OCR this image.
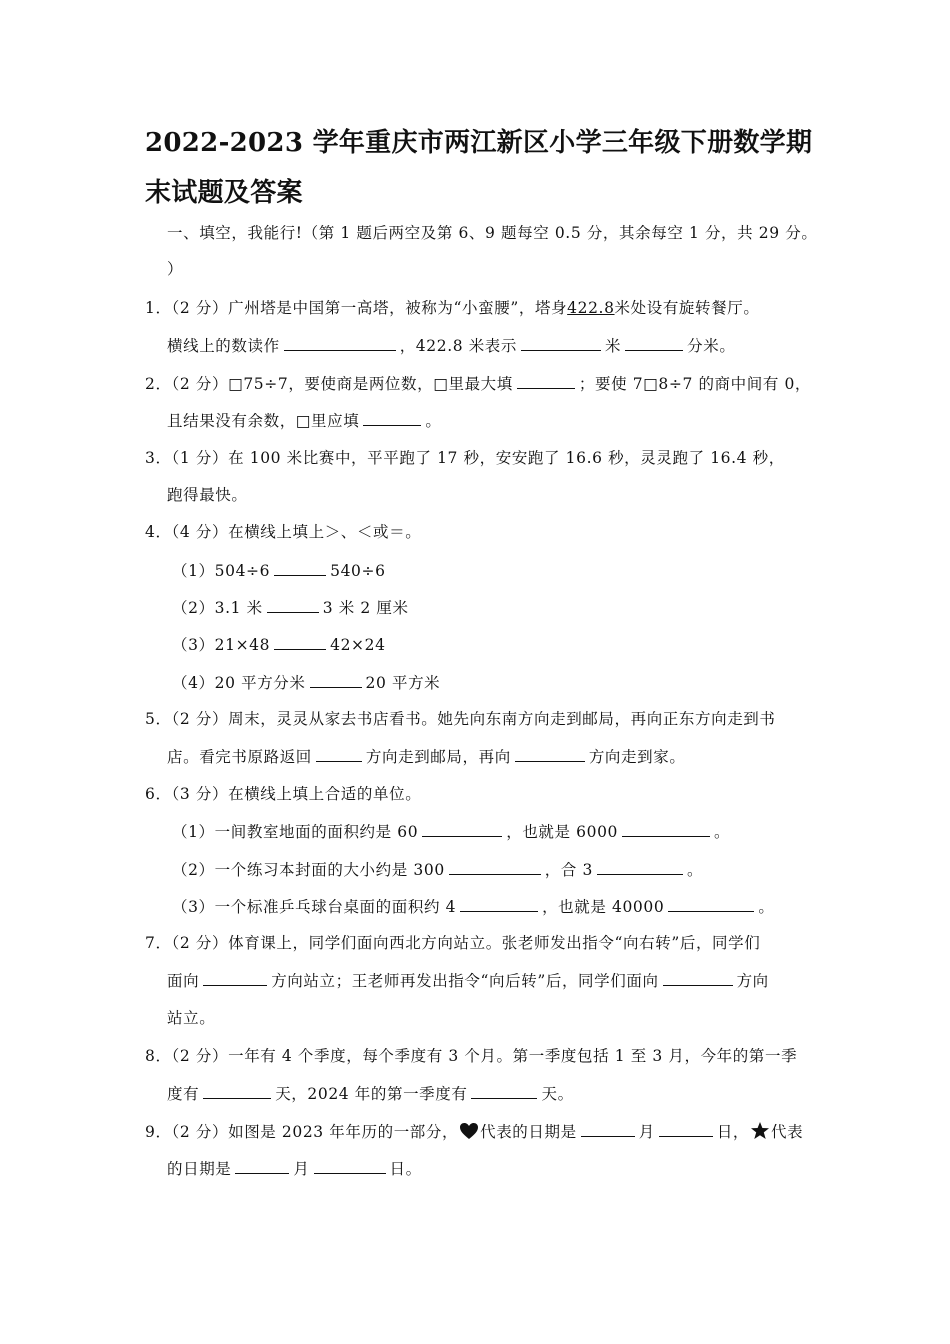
2022-2023 学年重庆市两江新区小学三年级下册数学期末试题及答案
一、填空，我能行!（第 1 题后两空及第 6、9 题每空 0.5 分，其余每空 1 分，共 29 分。
）
1．（2 分）广州塔是中国第一高塔，被称为“小蛮腰”，塔身422.8米处设有旋转餐厅。
横线上的数读作	，422.8 米表示	米	分米。
2．（2 分）□75÷7，要使商是两位数，□里最大填	；要使 7□8÷7 的商中间有 0，
且结果没有余数，□里应填	。
3．（1 分）在 100 米比赛中，平平跑了 17 秒，安安跑了 16.6 秒，灵灵跑了 16.4 秒，
跑得最快。
4．（4 分）在横线上填上＞、＜或＝。
（1）504÷6	540÷6
（2）3.1 米	3 米 2 厘米
（3）21×48	42×24
（4）20 平方分米	20 平方米
5．（2 分）周末，灵灵从家去书店看书。她先向东南方向走到邮局，再向正东方向走到书
店。看完书原路返回	方向走到邮局，再向	方向走到家。
6．（3 分）在横线上填上合适的单位。
（1）一间教室地面的面积约是 60	，也就是 6000	。
（2）一个练习本封面的大小约是 300	，合 3	。
（3）一个标准乒乓球台桌面的面积约 4	，也就是 40000	。
7．（2 分）体育课上，同学们面向西北方向站立。张老师发出指令“向右转”后，同学们
面向	方向站立；王老师再发出指令“向后转”后，同学们面向	方向
站立。
8．（2 分）一年有 4 个季度，每个季度有 3 个月。第一季度包括 1 至 3 月，今年的第一季
度有	天，2024 年的第一季度有	天。
9．（2 分）如图是 2023 年年历的一部分， 代表的日期是	月	日， 代表
的日期是	月	日。
